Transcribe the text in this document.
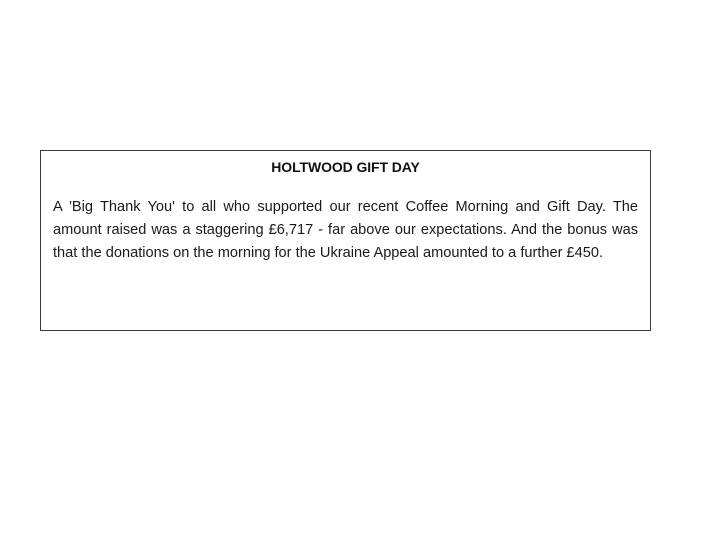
HOLTWOOD GIFT DAY

A 'Big Thank You' to all who supported our recent Coffee Morning and Gift Day. The amount raised was a staggering £6,717 - far above our expectations. And the bonus was that the donations on the morning for the Ukraine Appeal amounted to a further £450.
